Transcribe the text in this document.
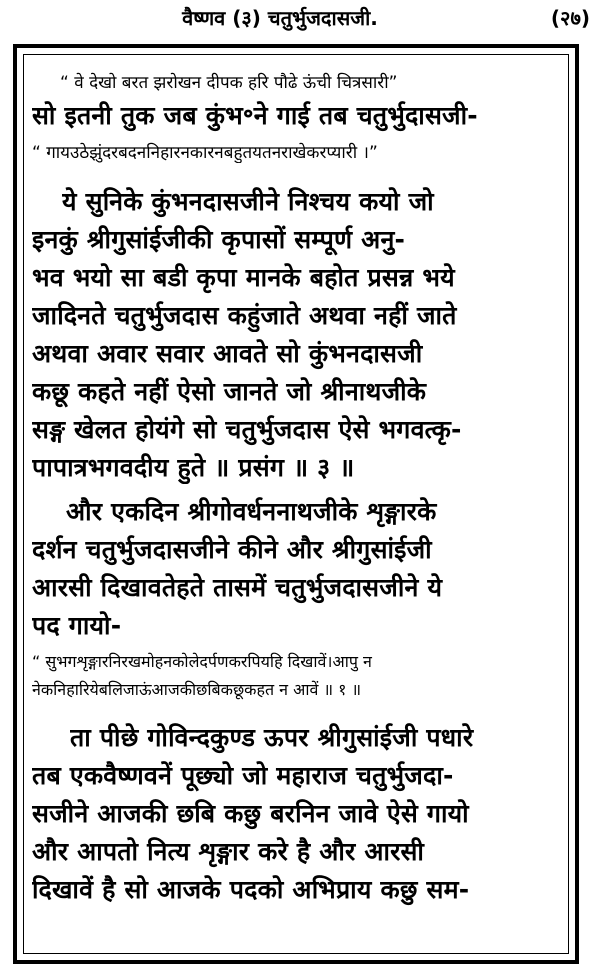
वैष्णव (३) चतुर्भुजदासजी.	(२७)
“ वे देखो बरत झरोखन दीपक हरि पौढे ऊंची चित्रसारी”
सो इतनी तुक जब कुंभ॰ने गाई तब चतुर्भुदासजी-
“ गायउठेझुंदरबदननिहारनकारनबहुतयतनराखेकरप्यारी ।”
ये सुनिके कुंभनदासजीने निश्चय कयो जो
इनकुं श्रीगुसांईजीकी कृपासों सम्पूर्ण अनु-
भव भयो सा बडी कृपा मानके बहोत प्रसन्न भये
जादिनते चतुर्भुजदास कहुंजाते अथवा नहीं जाते
अथवा अवार सवार आवते सो कुंभनदासजी
कछू कहते नहीं ऐसो जानते जो श्रीनाथजीके
सङ्ग खेलत होयंगे सो चतुर्भुजदास ऐसे भगवत्कृ-
पापात्रभगवदीय हुते ॥ प्रसंग ॥ ३ ॥
और एकदिन श्रीगोवर्धननाथजीके शृङ्गारके
दर्शन चतुर्भुजदासजीने कीने और श्रीगुसांईजी
आरसी दिखावतेहते तासमें चतुर्भुजदासजीने ये
पद गायो-
“ सुभगशृङ्गारनिरखमोहनकोलेदर्पणकरपियहि दिखावें।आपु न
नेकनिहारियेबलिजाऊंआजकीछबिकछूकहत न आवें ॥ १ ॥
ता पीछे गोविन्दकुण्ड ऊपर श्रीगुसांईजी पधारे
तब एकवैष्णवनें पूछ्यो जो महाराज चतुर्भुजदा-
सजीने आजकी छबि कछु बरनिन जावे ऐसे गायो
और आपतो नित्य शृङ्गार करे है और आरसी
दिखावें है सो आजके पदको अभिप्राय कछु सम-
